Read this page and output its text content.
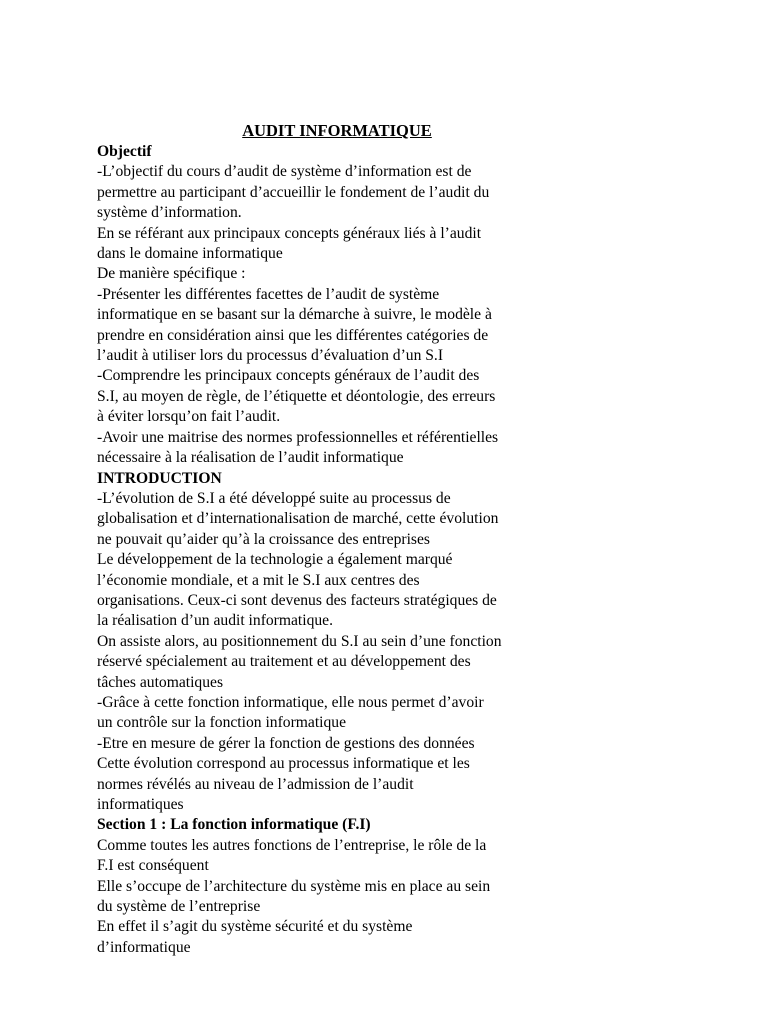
AUDIT INFORMATIQUE
Objectif
-L’objectif du cours d’audit de système d’information est de
permettre au participant d’accueillir le fondement de l’audit du
système d’information.
En se référant aux principaux concepts généraux liés à l’audit
dans le domaine informatique
De manière spécifique :
-Présenter les différentes facettes de l’audit de système
informatique en se basant sur la démarche à suivre, le modèle à
prendre en considération ainsi que les différentes catégories de
l’audit à utiliser lors du processus d’évaluation d’un S.I
-Comprendre les principaux concepts généraux de l’audit des
S.I, au moyen de règle, de l’étiquette et déontologie, des erreurs
à éviter lorsqu’on fait l’audit.
-Avoir une maitrise des normes professionnelles et référentielles
nécessaire à la réalisation de l’audit informatique
INTRODUCTION
-L’évolution de S.I a été développé suite au processus de
globalisation et d’internationalisation de marché, cette évolution
ne pouvait qu’aider qu’à la croissance des entreprises
Le développement de la technologie a également marqué
l’économie mondiale, et a mit le S.I aux centres des
organisations. Ceux-ci sont devenus des facteurs stratégiques de
la réalisation d’un audit informatique.
On assiste alors, au positionnement du S.I au sein d’une fonction
réservé spécialement au traitement et au développement des
tâches automatiques
-Grâce à cette fonction informatique, elle nous permet d’avoir
un contrôle sur la fonction informatique
-Etre en mesure de gérer la fonction de gestions des données
Cette évolution correspond au processus informatique et les
normes révélés au niveau de l’admission de l’audit
informatiques
Section 1 : La fonction informatique (F.I)
Comme toutes les autres fonctions de l’entreprise, le rôle de la
F.I est conséquent
Elle s’occupe de l’architecture du système mis en place au sein
du système de l’entreprise
En effet il s’agit du système sécurité et du système
d’informatique
